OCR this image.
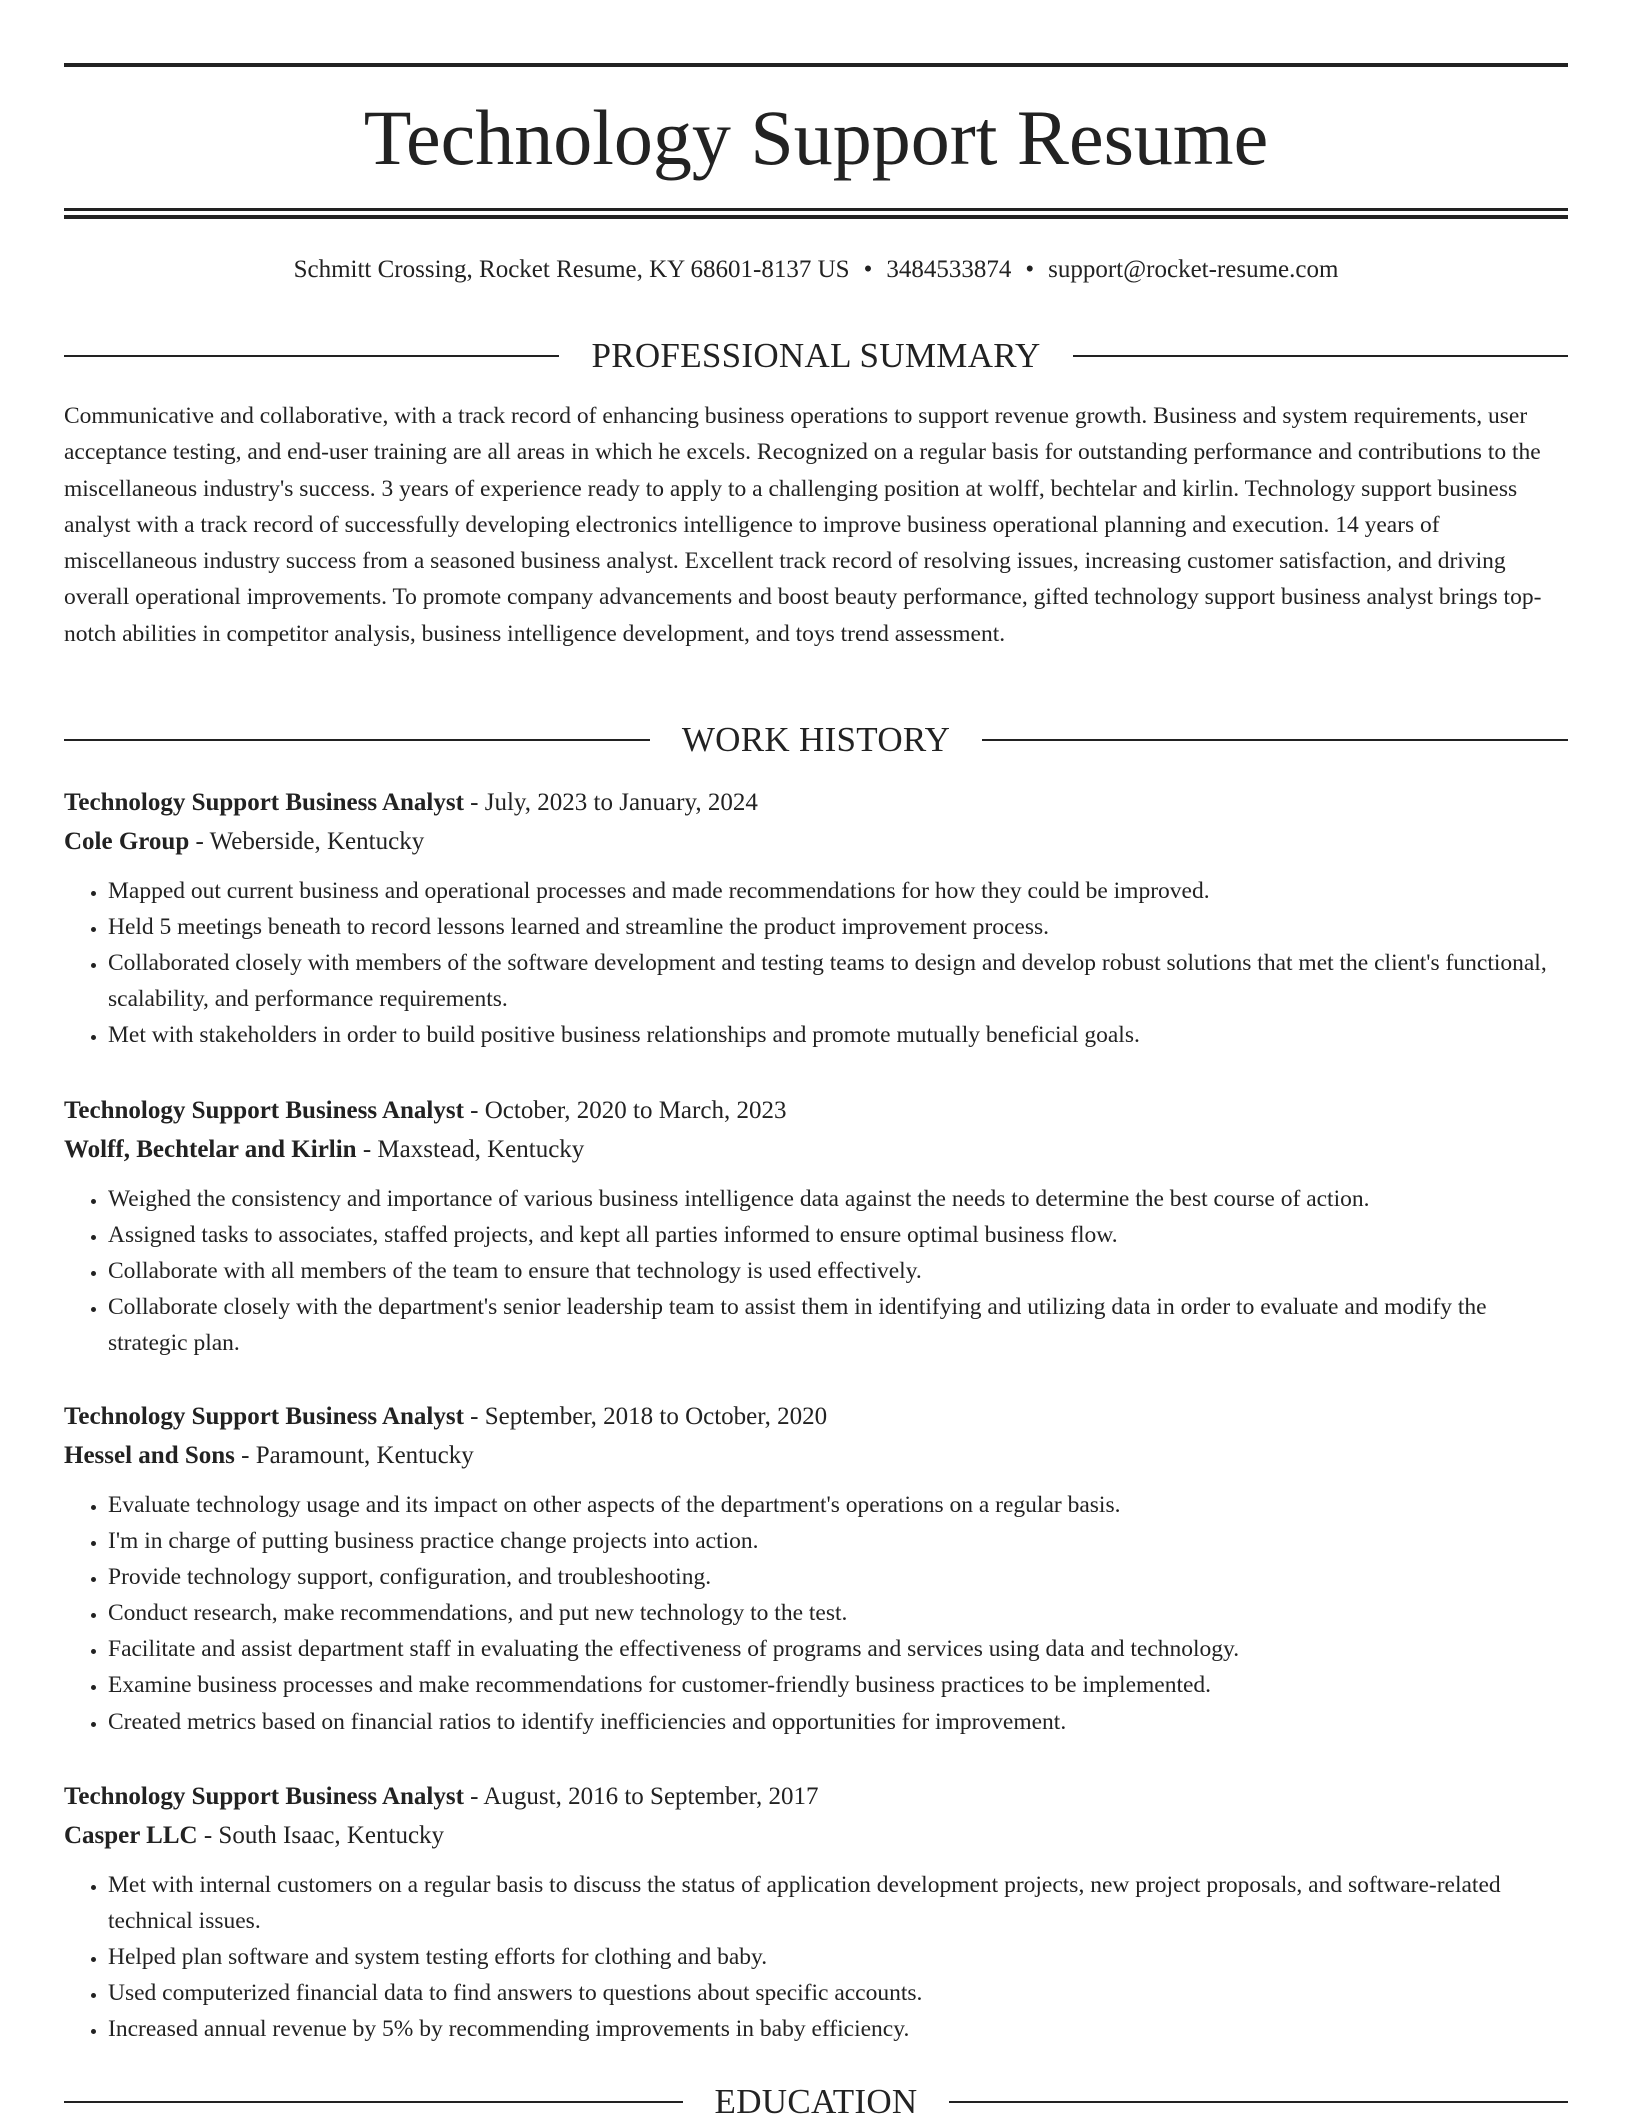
Technology Support Resume
Schmitt Crossing, Rocket Resume, KY 68601-8137 US • 3484533874 • support@rocket-resume.com
PROFESSIONAL SUMMARY

Communicative and collaborative, with a track record of enhancing business operations to support revenue growth. Business and system requirements, user acceptance testing, and end-user training are all areas in which he excels. Recognized on a regular basis for outstanding performance and contributions to the miscellaneous industry's success. 3 years of experience ready to apply to a challenging position at wolff, bechtelar and kirlin. Technology support business analyst with a track record of successfully developing electronics intelligence to improve business operational planning and execution. 14 years of miscellaneous industry success from a seasoned business analyst. Excellent track record of resolving issues, increasing customer satisfaction, and driving overall operational improvements. To promote company advancements and boost beauty performance, gifted technology support business analyst brings top-notch abilities in competitor analysis, business intelligence development, and toys trend assessment.

WORK HISTORY
Technology Support Business Analyst - July, 2023 to January, 2024
Cole Group - Weberside, Kentucky
• Mapped out current business and operational processes and made recommendations for how they could be improved.
• Held 5 meetings beneath to record lessons learned and streamline the product improvement process.
• Collaborated closely with members of the software development and testing teams to design and develop robust solutions that met the client's functional, scalability, and performance requirements.
• Met with stakeholders in order to build positive business relationships and promote mutually beneficial goals.
Technology Support Business Analyst - October, 2020 to March, 2023
Wolff, Bechtelar and Kirlin - Maxstead, Kentucky
• Weighed the consistency and importance of various business intelligence data against the needs to determine the best course of action.
• Assigned tasks to associates, staffed projects, and kept all parties informed to ensure optimal business flow.
• Collaborate with all members of the team to ensure that technology is used effectively.
• Collaborate closely with the department's senior leadership team to assist them in identifying and utilizing data in order to evaluate and modify the strategic plan.
Technology Support Business Analyst - September, 2018 to October, 2020
Hessel and Sons - Paramount, Kentucky
• Evaluate technology usage and its impact on other aspects of the department's operations on a regular basis.
• I'm in charge of putting business practice change projects into action.
• Provide technology support, configuration, and troubleshooting.
• Conduct research, make recommendations, and put new technology to the test.
• Facilitate and assist department staff in evaluating the effectiveness of programs and services using data and technology.
• Examine business processes and make recommendations for customer-friendly business practices to be implemented.
• Created metrics based on financial ratios to identify inefficiencies and opportunities for improvement.
Technology Support Business Analyst - August, 2016 to September, 2017
Casper LLC - South Isaac, Kentucky
• Met with internal customers on a regular basis to discuss the status of application development projects, new project proposals, and software-related technical issues.
• Helped plan software and system testing efforts for clothing and baby.
• Used computerized financial data to find answers to questions about specific accounts.
• Increased annual revenue by 5% by recommending improvements in baby efficiency.
EDUCATION
